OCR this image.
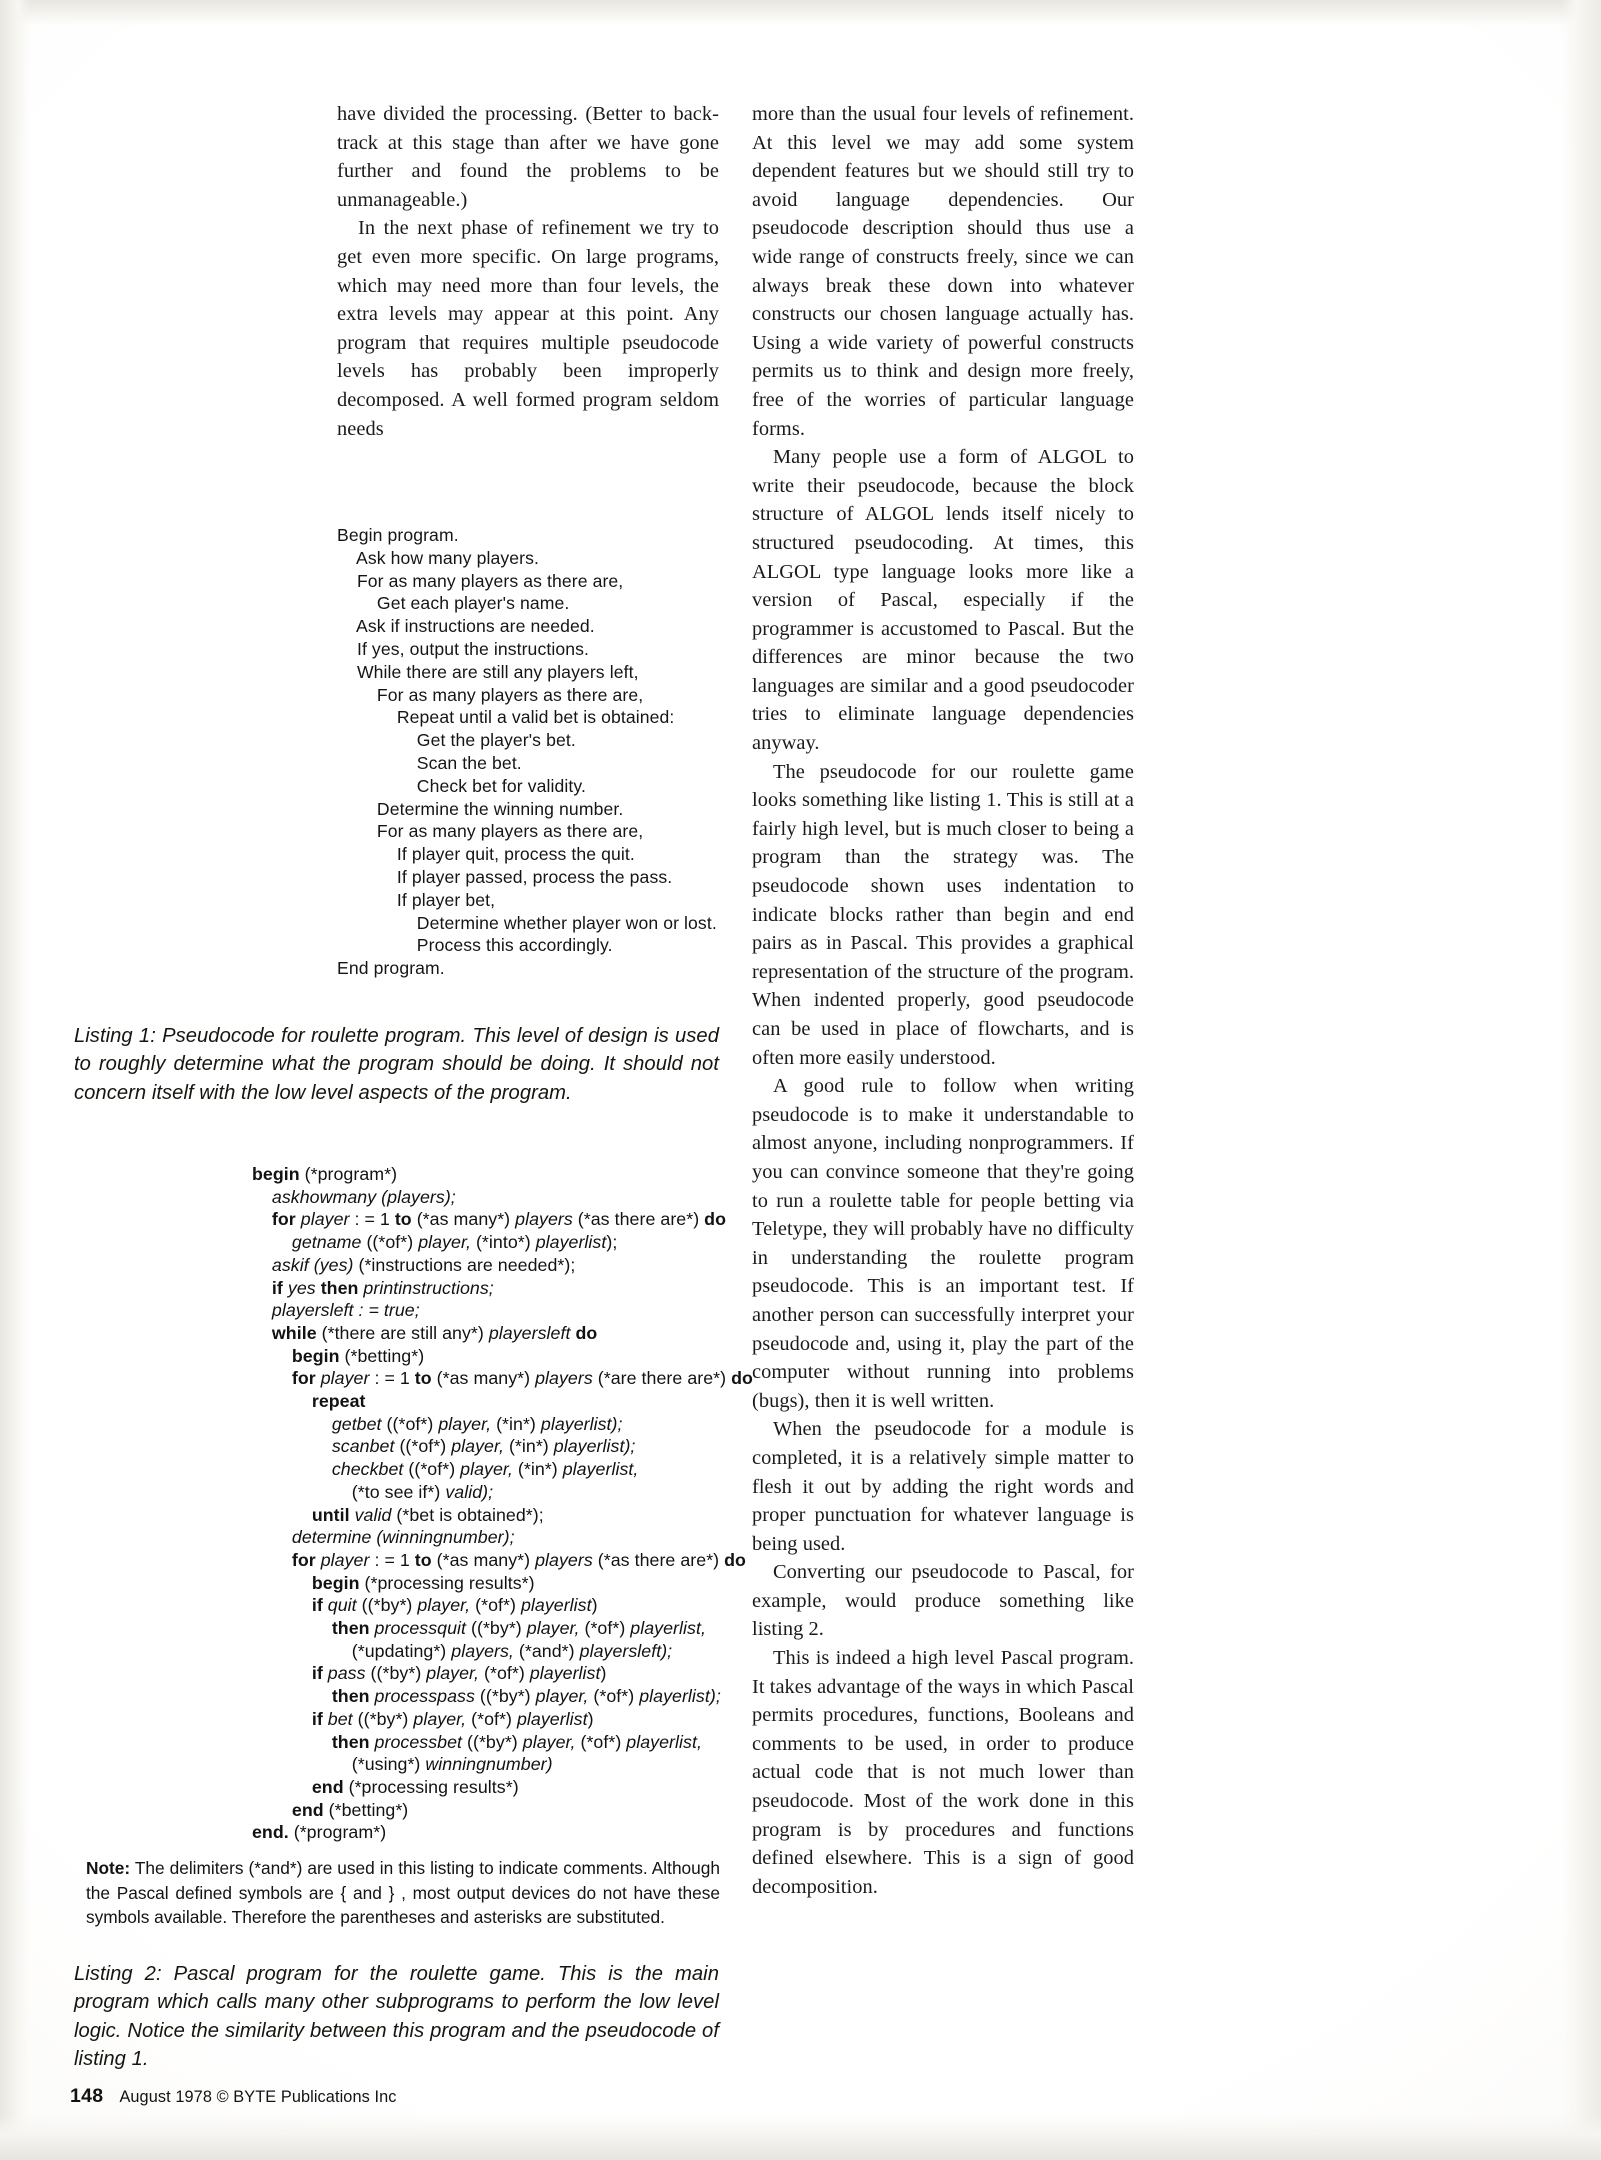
have divided the processing. (Better to back-track at this stage than after we have gone further and found the problems to be unmanageable.)

In the next phase of refinement we try to get even more specific. On large programs, which may need more than four levels, the extra levels may appear at this point. Any program that requires multiple pseudocode levels has probably been improperly decomposed. A well formed program seldom needs

more than the usual four levels of refinement. At this level we may add some system dependent features but we should still try to avoid language dependencies. Our pseudocode description should thus use a wide range of constructs freely, since we can always break these down into whatever constructs our chosen language actually has. Using a wide variety of powerful constructs permits us to think and design more freely, free of the worries of particular language forms.

Many people use a form of ALGOL to write their pseudocode, because the block structure of ALGOL lends itself nicely to structured pseudocoding. At times, this ALGOL type language looks more like a version of Pascal, especially if the programmer is accustomed to Pascal. But the differences are minor because the two languages are similar and a good pseudocoder tries to eliminate language dependencies anyway.

The pseudocode for our roulette game looks something like listing 1. This is still at a fairly high level, but is much closer to being a program than the strategy was. The pseudocode shown uses indentation to indicate blocks rather than begin and end pairs as in Pascal. This provides a graphical representation of the structure of the program. When indented properly, good pseudocode can be used in place of flowcharts, and is often more easily understood.

A good rule to follow when writing pseudocode is to make it understandable to almost anyone, including nonprogrammers. If you can convince someone that they're going to run a roulette table for people betting via Teletype, they will probably have no difficulty in understanding the roulette program pseudocode. This is an important test. If another person can successfully interpret your pseudocode and, using it, play the part of the computer without running into problems (bugs), then it is well written.

When the pseudocode for a module is completed, it is a relatively simple matter to flesh it out by adding the right words and proper punctuation for whatever language is being used.

Converting our pseudocode to Pascal, for example, would produce something like listing 2.

This is indeed a high level Pascal program. It takes advantage of the ways in which Pascal permits procedures, functions, Booleans and comments to be used, in order to produce actual code that is not much lower than pseudocode. Most of the work done in this program is by procedures and functions defined elsewhere. This is a sign of good decomposition.

Begin program.
Ask how many players.
For as many players as there are,
Get each player's name.
Ask if instructions are needed.
If yes, output the instructions.
While there are still any players left,
For as many players as there are,
Repeat until a valid bet is obtained:
Get the player's bet.
Scan the bet.
Check bet for validity.
Determine the winning number.
For as many players as there are,
If player quit, process the quit.
If player passed, process the pass.
If player bet,
Determine whether player won or lost.
Process this accordingly.
End program.
Listing 1: Pseudocode for roulette program. This level of design is used to roughly determine what the program should be doing. It should not concern itself with the low level aspects of the program.
begin (*program*)
askhowmany (players);
for player : = 1 to (*as many*) players (*as there are*) do
getname ((*of*) player, (*into*) playerlist);
askif (yes) (*instructions are needed*);
if yes then printinstructions;
playersleft : = true;
while (*there are still any*) playersleft do
begin (*betting*)
for player : = 1 to (*as many*) players (*are there are*) do
repeat
getbet ((*of*) player, (*in*) playerlist);
scanbet ((*of*) player, (*in*) playerlist);
checkbet ((*of*) player, (*in*) playerlist,
(*to see if*) valid);
until valid (*bet is obtained*);
determine (winningnumber);
for player : = 1 to (*as many*) players (*as there are*) do
begin (*processing results*)
if quit ((*by*) player, (*of*) playerlist)
then processquit ((*by*) player, (*of*) playerlist,
(*updating*) players, (*and*) playersleft);
if pass ((*by*) player, (*of*) playerlist)
then processpass ((*by*) player, (*of*) playerlist);
if bet ((*by*) player, (*of*) playerlist)
then processbet ((*by*) player, (*of*) playerlist,
(*using*) winningnumber)
end (*processing results*)
end (*betting*)
end. (*program*)
Note: The delimiters (*and*) are used in this listing to indicate comments. Although the Pascal defined symbols are { and } , most output devices do not have these symbols available. Therefore the parentheses and asterisks are substituted.
Listing 2: Pascal program for the roulette game. This is the main program which calls many other subprograms to perform the low level logic. Notice the similarity between this program and the pseudocode of listing 1.
148 August 1978 © BYTE Publications Inc
